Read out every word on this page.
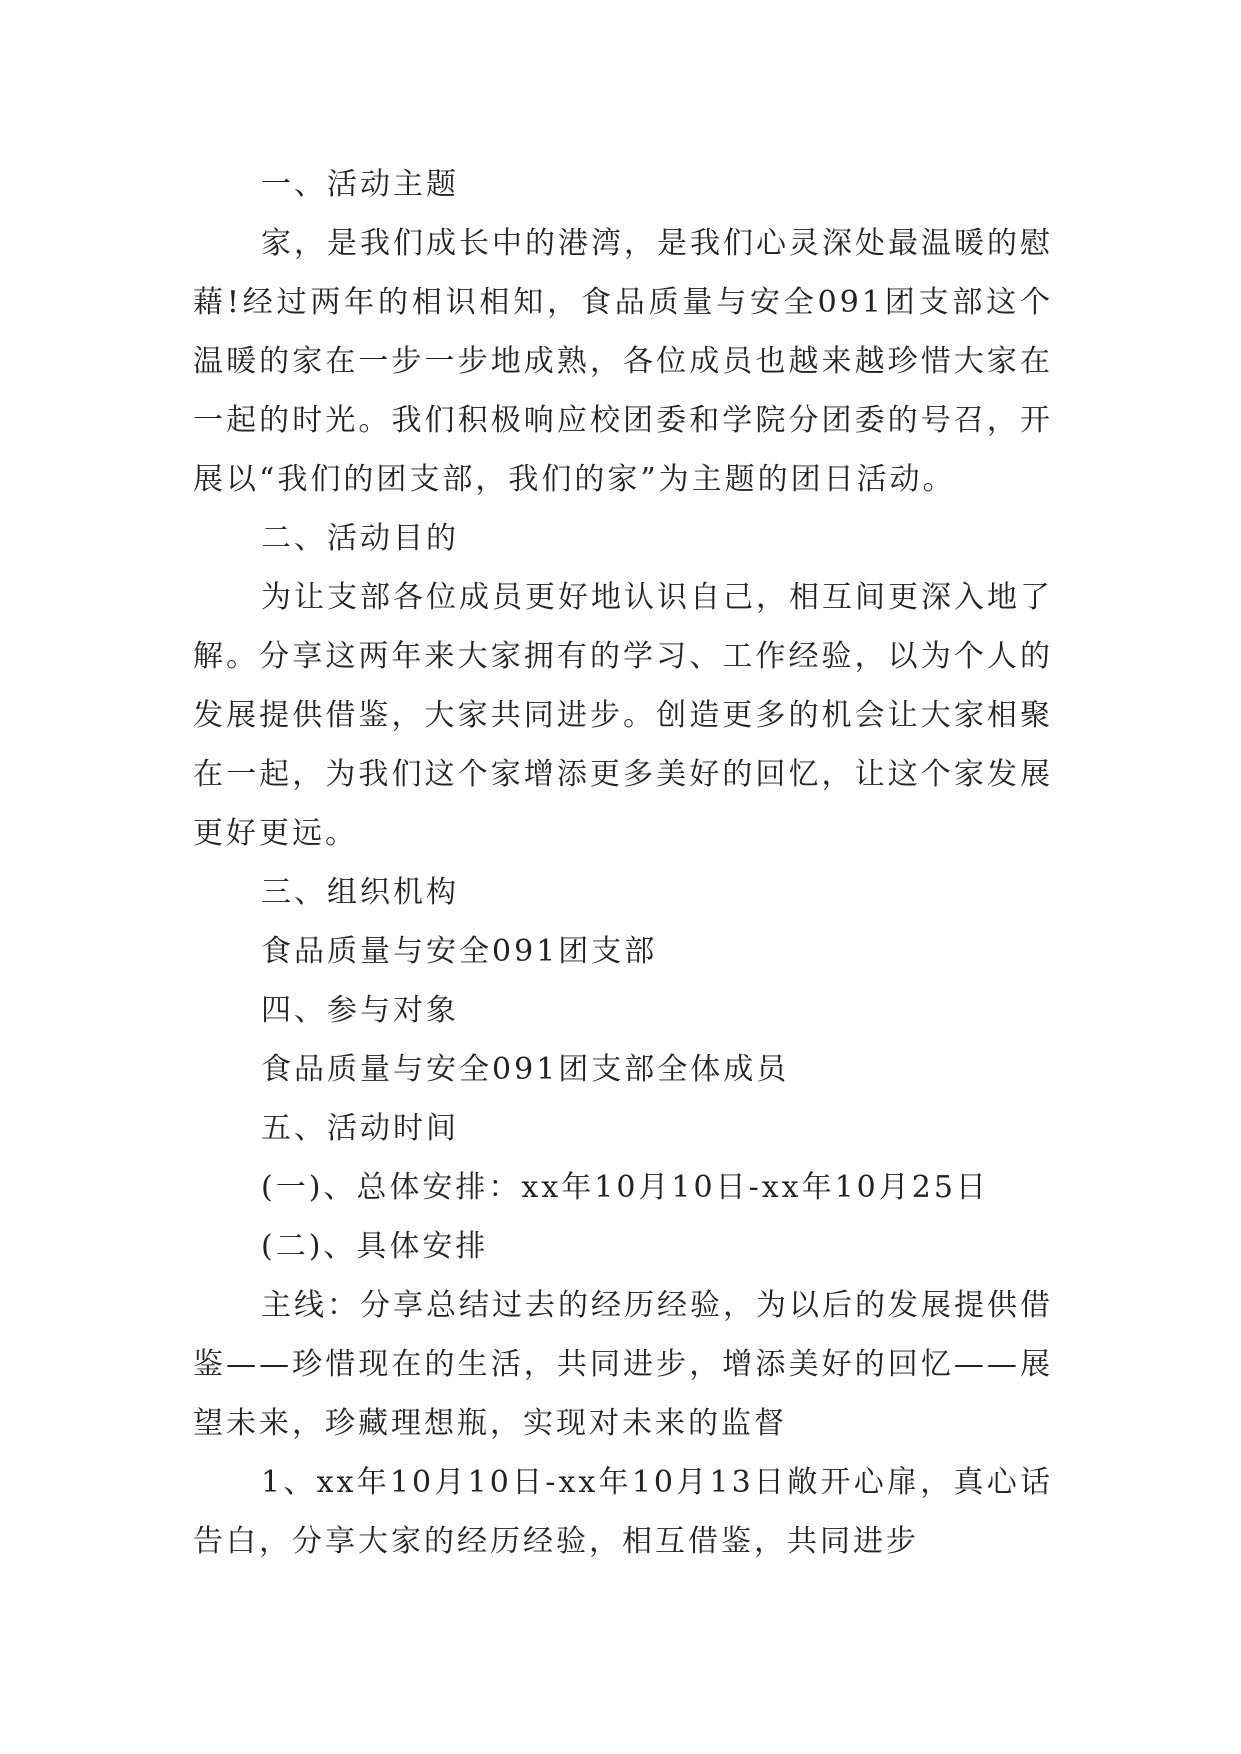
一、活动主题

家，是我们成长中的港湾，是我们心灵深处最温暖的慰藉!经过两年的相识相知，食品质量与安全091团支部这个温暖的家在一步一步地成熟，各位成员也越来越珍惜大家在一起的时光。我们积极响应校团委和学院分团委的号召，开展以“我们的团支部，我们的家”为主题的团日活动。

二、活动目的

为让支部各位成员更好地认识自己，相互间更深入地了解。分享这两年来大家拥有的学习、工作经验，以为个人的发展提供借鉴，大家共同进步。创造更多的机会让大家相聚在一起，为我们这个家增添更多美好的回忆，让这个家发展更好更远。

三、组织机构

食品质量与安全091团支部

四、参与对象

食品质量与安全091团支部全体成员

五、活动时间

(一)、总体安排：xx年10月10日-xx年10月25日

(二)、具体安排

主线：分享总结过去的经历经验，为以后的发展提供借鉴——珍惜现在的生活，共同进步，增添美好的回忆——展望未来，珍藏理想瓶，实现对未来的监督

1、xx年10月10日-xx年10月13日敞开心扉，真心话告白，分享大家的经历经验，相互借鉴，共同进步
